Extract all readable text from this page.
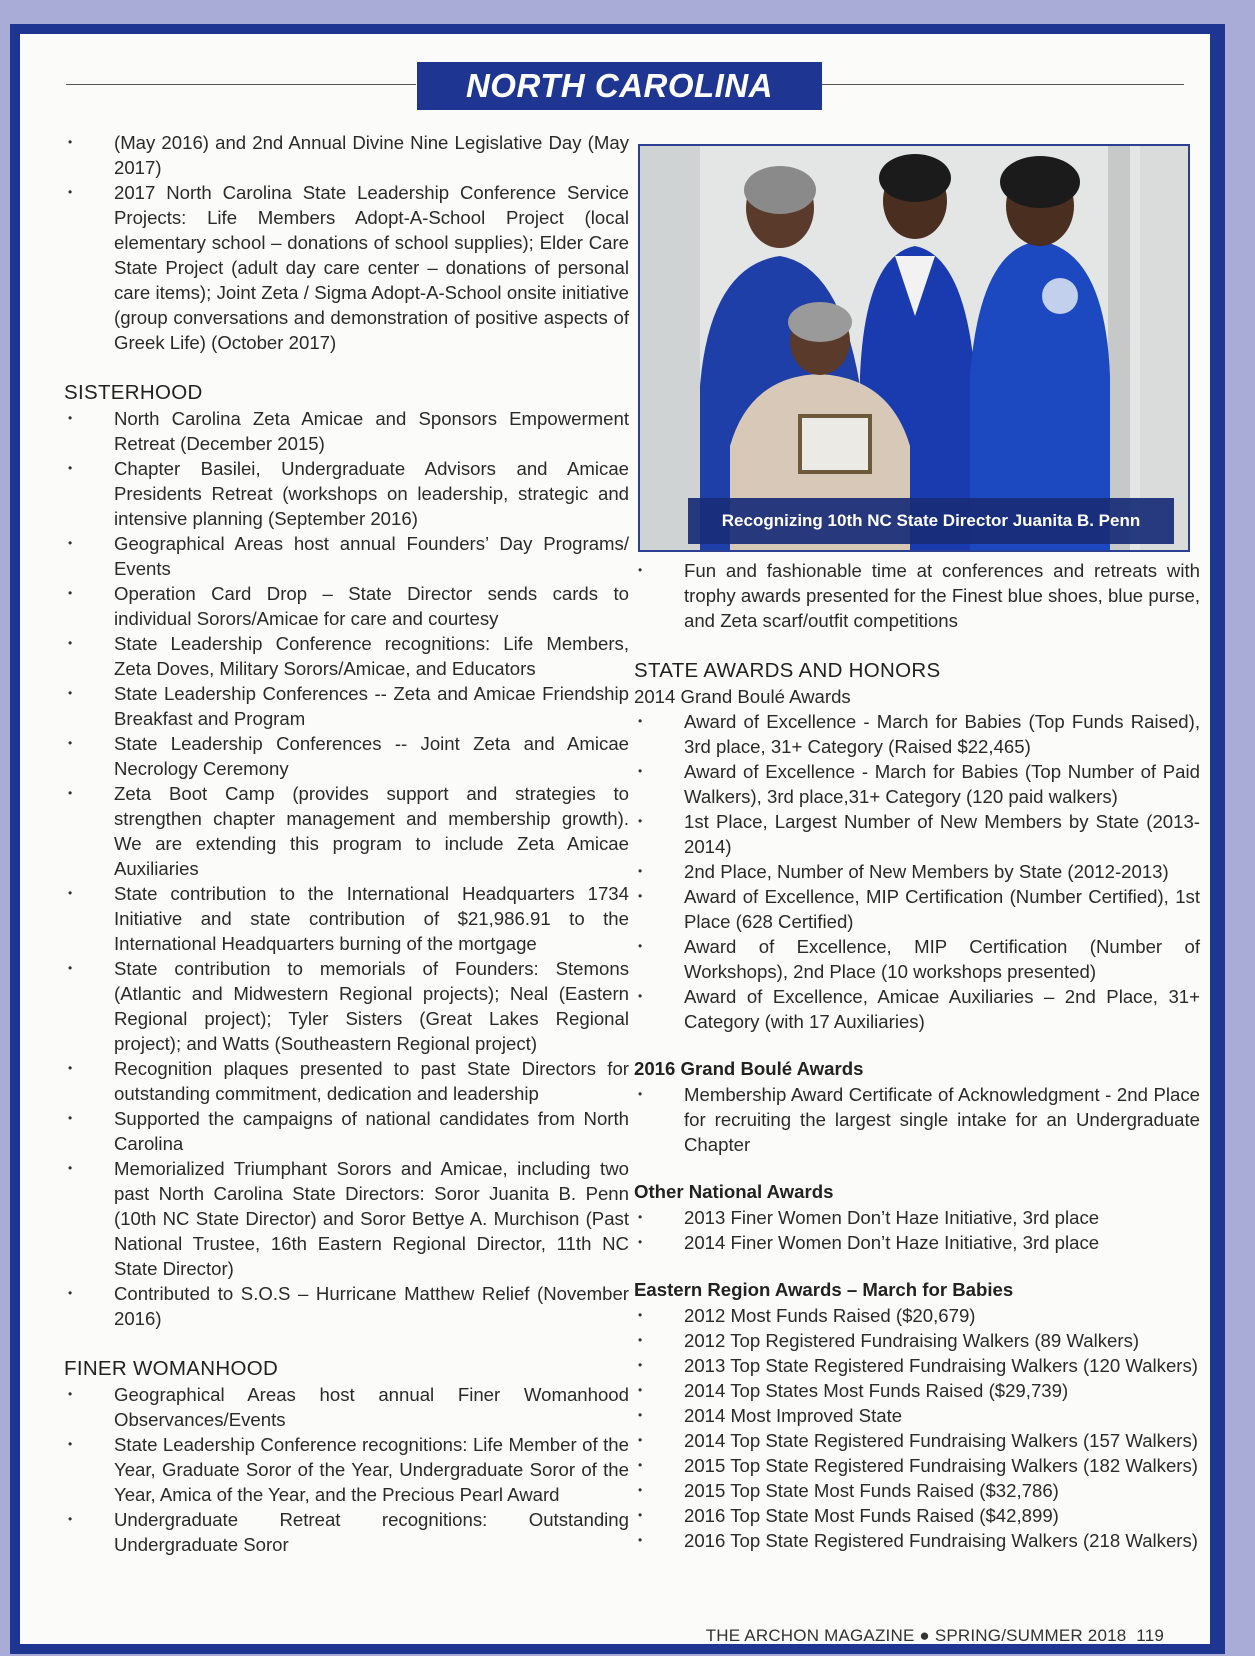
NORTH CAROLINA
• (May 2016) and 2nd Annual Divine Nine Legislative Day (May 2017)
• 2017 North Carolina State Leadership Conference Service Projects: Life Members Adopt-A-School Project (local elementary school – donations of school supplies); Elder Care State Project (adult day care center – donations of personal care items); Joint Zeta / Sigma Adopt-A-School onsite initiative (group conversations and demonstration of positive aspects of Greek Life) (October 2017)
SISTERHOOD
• North Carolina Zeta Amicae and Sponsors Empowerment Retreat (December 2015)
• Chapter Basilei, Undergraduate Advisors and Amicae Presidents Retreat (workshops on leadership, strategic and intensive planning (September 2016)
• Geographical Areas host annual Founders’ Day Programs/ Events
• Operation Card Drop – State Director sends cards to individual Sorors/Amicae for care and courtesy
• State Leadership Conference recognitions: Life Members, Zeta Doves, Military Sorors/Amicae, and Educators
• State Leadership Conferences -- Zeta and Amicae Friendship Breakfast and Program
• State Leadership Conferences -- Joint Zeta and Amicae Necrology Ceremony
• Zeta Boot Camp (provides support and strategies to strengthen chapter management and membership growth). We are extending this program to include Zeta Amicae Auxiliaries
• State contribution to the International Headquarters 1734 Initiative and state contribution of $21,986.91 to the International Headquarters burning of the mortgage
• State contribution to memorials of Founders: Stemons (Atlantic and Midwestern Regional projects); Neal (Eastern Regional project); Tyler Sisters (Great Lakes Regional project); and Watts (Southeastern Regional project)
• Recognition plaques presented to past State Directors for outstanding commitment, dedication and leadership
• Supported the campaigns of national candidates from North Carolina
• Memorialized Triumphant Sorors and Amicae, including two past North Carolina State Directors: Soror Juanita B. Penn (10th NC State Director) and Soror Bettye A. Murchison (Past National Trustee, 16th Eastern Regional Director, 11th NC State Director)
• Contributed to S.O.S – Hurricane Matthew Relief (November 2016)
FINER WOMANHOOD
• Geographical Areas host annual Finer Womanhood Observances/Events
• State Leadership Conference recognitions: Life Member of the Year, Graduate Soror of the Year, Undergraduate Soror of the Year, Amica of the Year, and the Precious Pearl Award
• Undergraduate Retreat recognitions: Outstanding Undergraduate Soror
Recognizing 10th NC State Director Juanita B. Penn
• Fun and fashionable time at conferences and retreats with trophy awards presented for the Finest blue shoes, blue purse, and Zeta scarf/outfit competitions
STATE AWARDS AND HONORS

2014 Grand Boulé Awards

• Award of Excellence - March for Babies (Top Funds Raised), 3rd place, 31+ Category (Raised $22,465)
• Award of Excellence - March for Babies (Top Number of Paid Walkers), 3rd place,31+ Category (120 paid walkers)
• 1st Place, Largest Number of New Members by State (2013-2014)
• 2nd Place, Number of New Members by State (2012-2013)
• Award of Excellence, MIP Certification (Number Certified), 1st Place (628 Certified)
• Award of Excellence, MIP Certification (Number of Workshops), 2nd Place (10 workshops presented)
• Award of Excellence, Amicae Auxiliaries – 2nd Place, 31+ Category (with 17 Auxiliaries)
2016 Grand Boulé Awards
• Membership Award Certificate of Acknowledgment - 2nd Place for recruiting the largest single intake for an Undergraduate Chapter
Other National Awards
• 2013 Finer Women Don’t Haze Initiative, 3rd place
• 2014 Finer Women Don’t Haze Initiative, 3rd place
Eastern Region Awards – March for Babies
• 2012 Most Funds Raised ($20,679)
• 2012 Top Registered Fundraising Walkers (89 Walkers)
• 2013 Top State Registered Fundraising Walkers (120 Walkers)
• 2014 Top States Most Funds Raised ($29,739)
• 2014 Most Improved State
• 2014 Top State Registered Fundraising Walkers (157 Walkers)
• 2015 Top State Registered Fundraising Walkers (182 Walkers)
• 2015 Top State Most Funds Raised ($32,786)
• 2016 Top State Most Funds Raised ($42,899)
• 2016 Top State Registered Fundraising Walkers (218 Walkers)
THE ARCHON MAGAZINE ● SPRING/SUMMER 2018 119
